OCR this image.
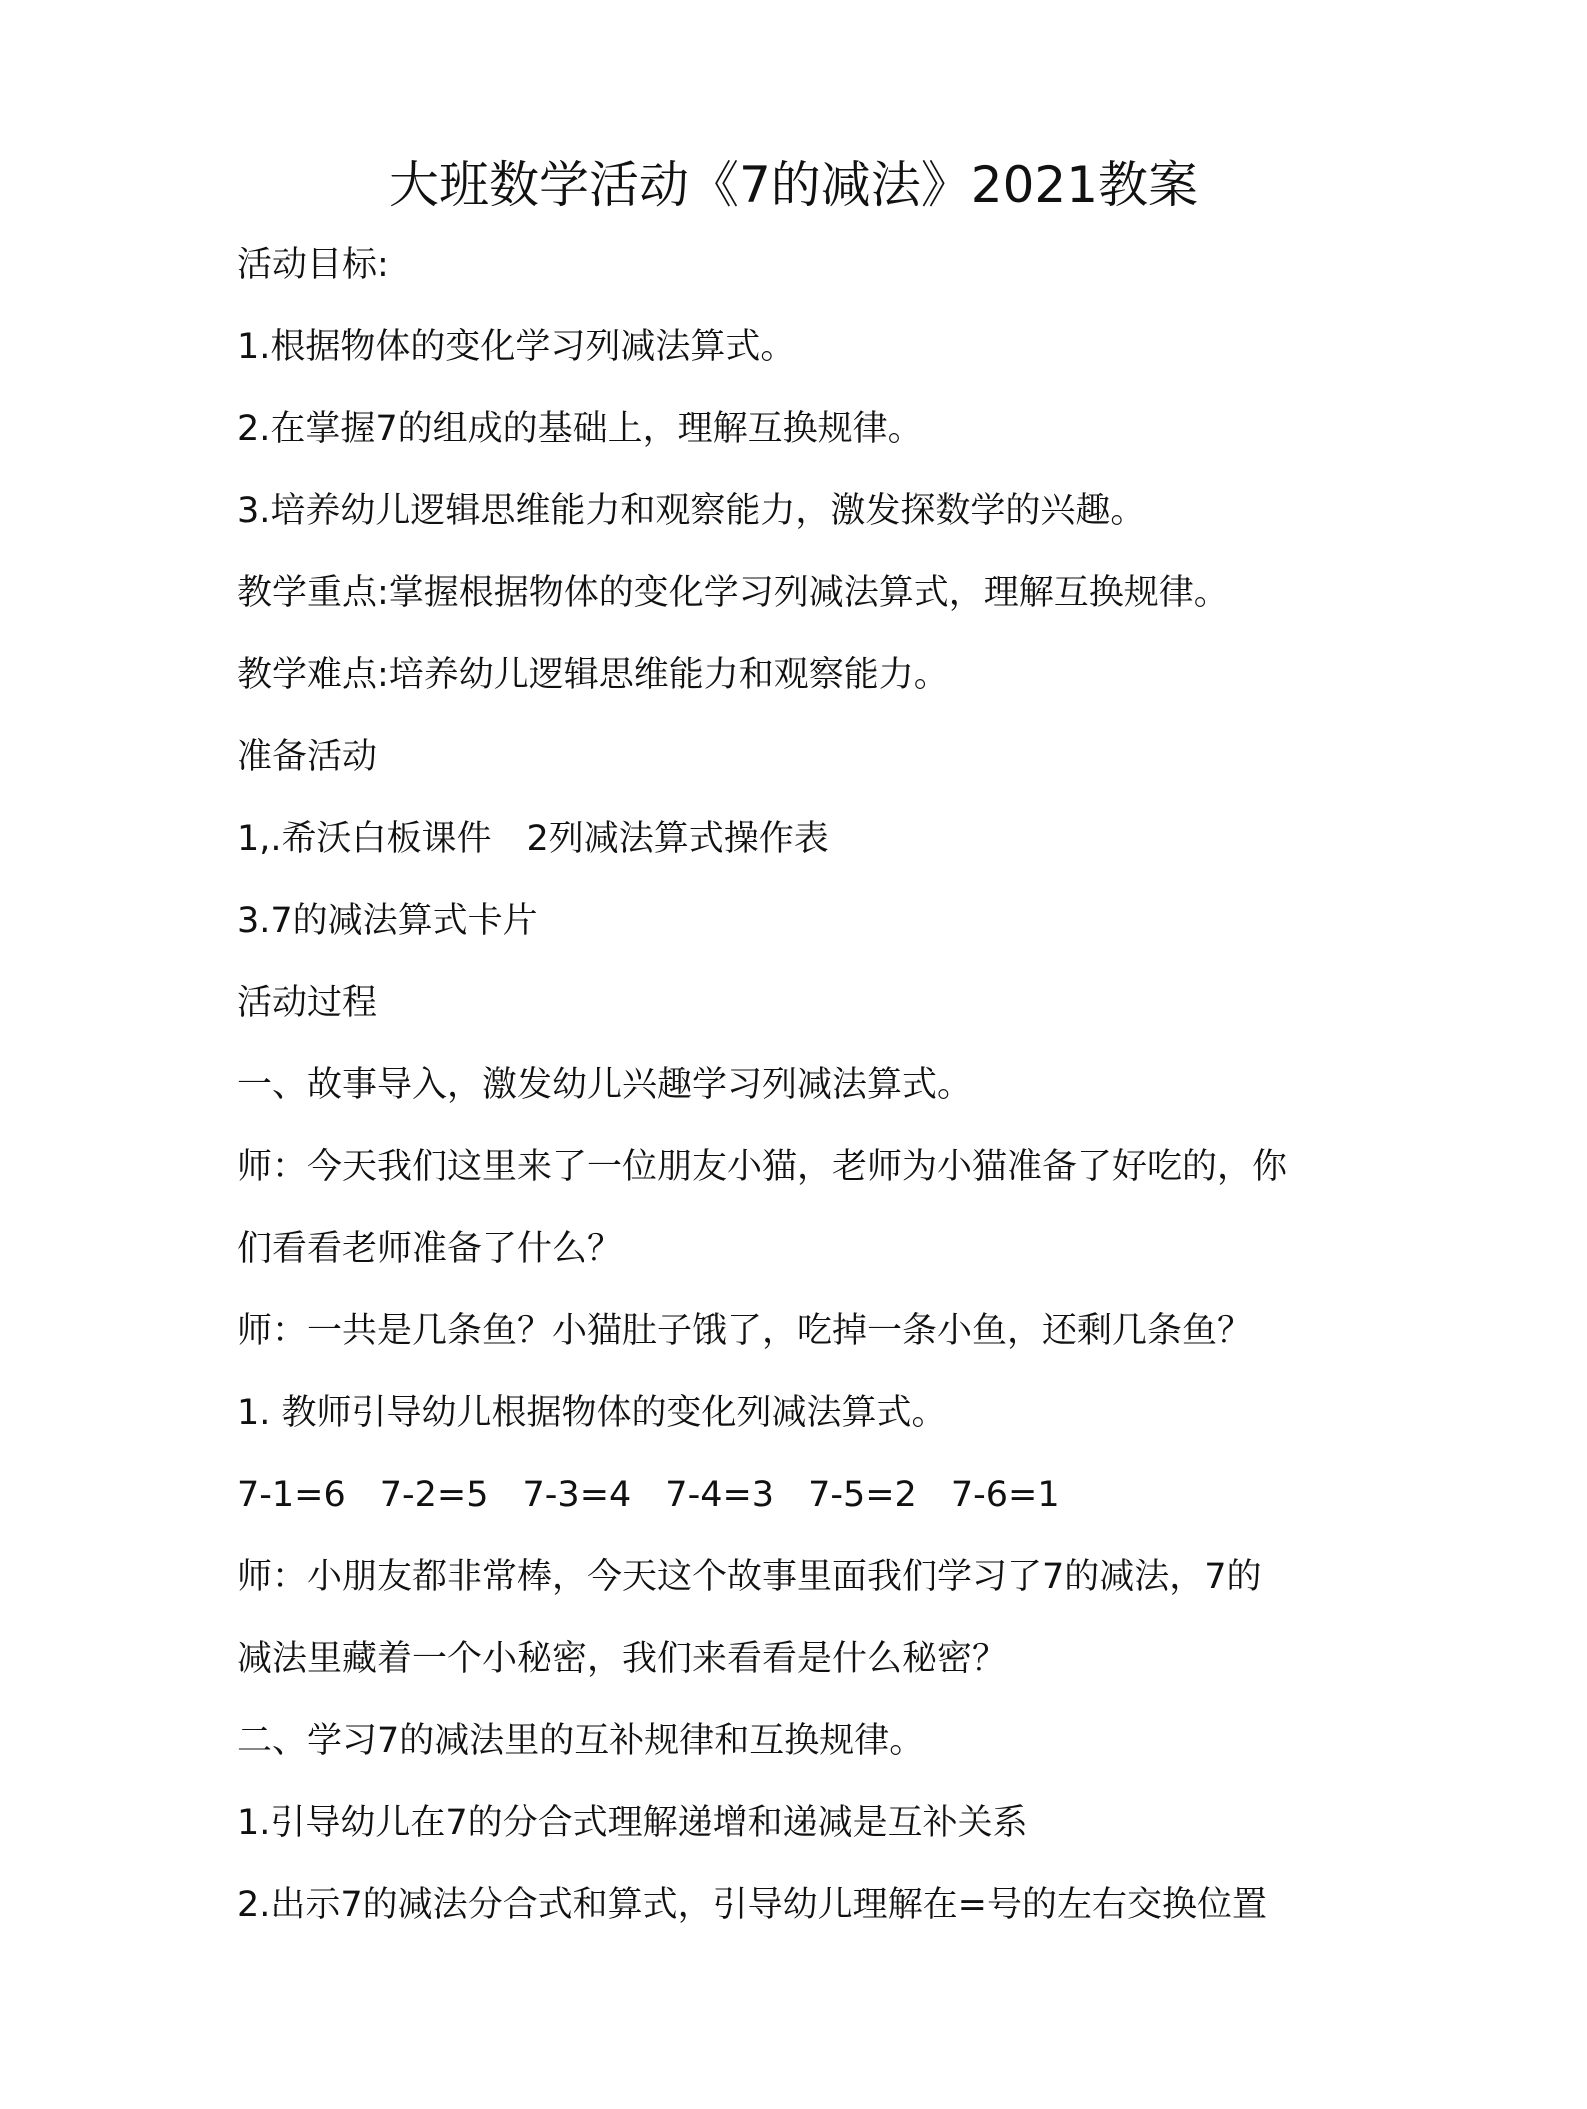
大班数学活动《7的减法》2021教案
活动目标:
1.根据物体的变化学习列减法算式。
2.在掌握7的组成的基础上，理解互换规律。
3.培养幼儿逻辑思维能力和观察能力，激发探数学的兴趣。
教学重点:掌握根据物体的变化学习列减法算式，理解互换规律。
教学难点:培养幼儿逻辑思维能力和观察能力。
准备活动
1,.希沃白板课件　2列减法算式操作表
3.7的减法算式卡片
活动过程
一、故事导入，激发幼儿兴趣学习列减法算式。
师：今天我们这里来了一位朋友小猫，老师为小猫准备了好吃的，你
们看看老师准备了什么？
师：一共是几条鱼？小猫肚子饿了，吃掉一条小鱼，还剩几条鱼？
1. 教师引导幼儿根据物体的变化列减法算式。
7-1=6 7-2=5 7-3=4 7-4=3 7-5=2 7-6=1
师：小朋友都非常棒，今天这个故事里面我们学习了7的减法，7的
减法里藏着一个小秘密，我们来看看是什么秘密？
二、学习7的减法里的互补规律和互换规律。
1.引导幼儿在7的分合式理解递增和递减是互补关系
2.出示7的减法分合式和算式，引导幼儿理解在=号的左右交换位置
